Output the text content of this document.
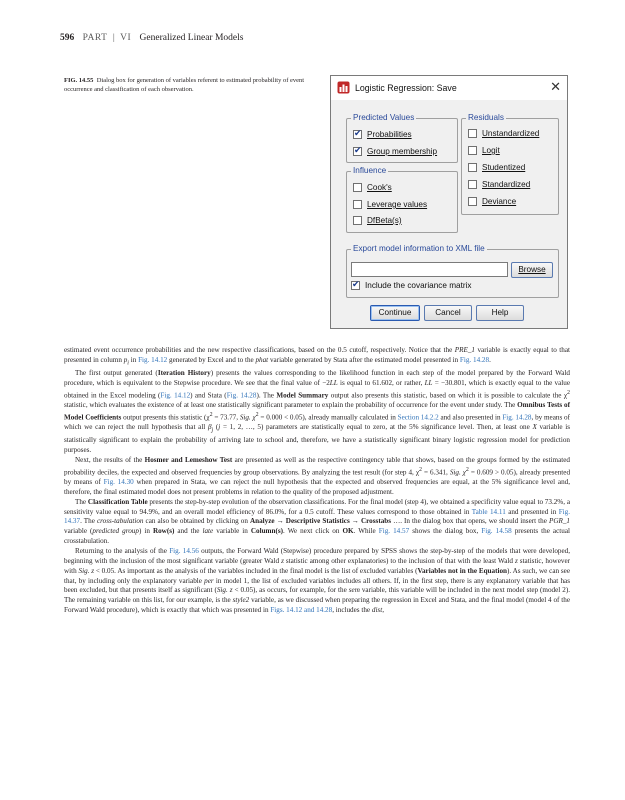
596 PART | VI Generalized Linear Models
FIG. 14.55 Dialog box for generation of variables referent to estimated probability of event occurrence and classification of each observation.	Logistic Regression: Save	✕
Predicted Values
✔
Probabilities
✔
Group membership
Influence
Cook's
Leverage values
DfBeta(s)
Residuals
Unstandardized
Logit
Studentized
Standardized
Deviance
Export model information to XML file
Browse
✔
Include the covariance matrix
Continue	Cancel	Help

estimated event occurrence probabilities and the new respective classifications, based on the 0.5 cutoff, respectively. Notice that the PRE_1 variable is exactly equal to that presented in column $p_i$ in Fig. 14.12 generated by Excel and to the phat variable generated by Stata after the estimated model presented in Fig. 14.28.

The first output generated (Iteration History) presents the values corresponding to the likelihood function in each step of the model prepared by the Forward Wald procedure, which is equivalent to the Stepwise procedure. We see that the final value of −2LL is equal to 61.602, or rather, LL = −30.801, which is exactly equal to the value obtained in the Excel modeling (Fig. 14.12) and Stata (Fig. 14.28). The Model Summary output also presents this statistic, based on which it is possible to calculate the $\chi^2$ statistic, which evaluates the existence of at least one statistically significant parameter to explain the probability of occurrence for the event under study. The Omnibus Tests of Model Coefficients output presents this statistic ($\chi^2 = 73.77$, Sig. $\chi^2 = 0.000 < 0.05$), already manually calculated in Section 14.2.2 and also presented in Fig. 14.28, by means of which we can reject the null hypothesis that all $\beta_j$ (j = 1, 2, …, 5) parameters are statistically equal to zero, at the 5% significance level. Then, at least one X variable is statistically significant to explain the probability of arriving late to school and, therefore, we have a statistically significant binary logistic regression model for prediction purposes.

Next, the results of the Hosmer and Lemeshow Test are presented as well as the respective contingency table that shows, based on the groups formed by the estimated probability deciles, the expected and observed frequencies by group observations. By analyzing the test result (for step 4, $\chi^2 = 6.341$, Sig. $\chi^2 = 0.609 > 0.05$), already presented by means of Fig. 14.30 when prepared in Stata, we can reject the null hypothesis that the expected and observed frequencies are equal, at the 5% significance level and, therefore, the final estimated model does not present problems in relation to the quality of the proposed adjustment.

The Classification Table presents the step-by-step evolution of the observation classifications. For the final model (step 4), we obtained a specificity value equal to 73.2%, a sensitivity value equal to 94.9%, and an overall model efficiency of 86.0%, for a 0.5 cutoff. These values correspond to those obtained in Table 14.11 and presented in Fig. 14.37. The cross-tabulation can also be obtained by clicking on Analyze → Descriptive Statistics → Crosstabs …. In the dialog box that opens, we should insert the PGR_1 variable (predicted group) in Row(s) and the late variable in Column(s). We next click on OK. While Fig. 14.57 shows the dialog box, Fig. 14.58 presents the actual crosstabulation.

Returning to the analysis of the Fig. 14.56 outputs, the Forward Wald (Stepwise) procedure prepared by SPSS shows the step-by-step of the models that were developed, beginning with the inclusion of the most significant variable (greater Wald z statistic among other explanatories) to the inclusion of that with the least Wald z statistic, however with Sig. z < 0.05. As important as the analysis of the variables included in the final model is the list of excluded variables (Variables not in the Equation). As such, we can see that, by including only the explanatory variable per in model 1, the list of excluded variables includes all others. If, in the first step, there is any explanatory variable that has been excluded, but that presents itself as significant (Sig. z < 0.05), as occurs, for example, for the sem variable, this variable will be included in the next model step (model 2). The remaining variable on this list, for our example, is the style2 variable, as we discussed when preparing the regression in Excel and Stata, and the final model (model 4 of the Forward Wald procedure), which is exactly that which was presented in Figs. 14.12 and 14.28, includes the dist,
